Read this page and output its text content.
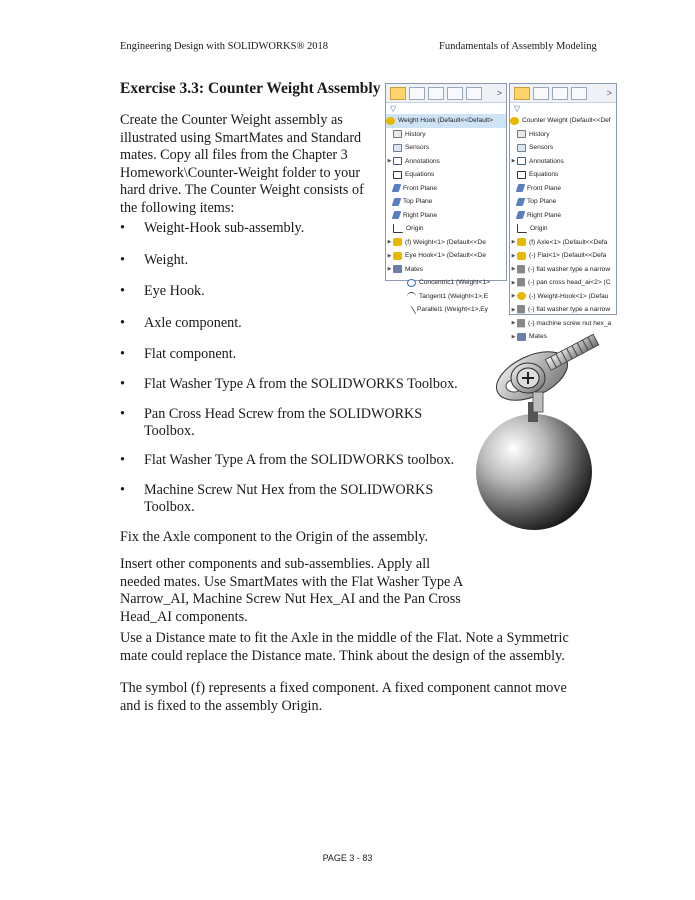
Engineering Design with SOLIDWORKS® 2018	Fundamentals of Assembly Modeling
Exercise 3.3: Counter Weight Assembly

Create the Counter Weight assembly as illustrated using SmartMates and Standard mates. Copy all files from the Chapter 3 Homework\Counter-Weight folder to your hard drive. The Counter Weight consists of the following items:

• Weight-Hook sub-assembly.
• Weight.
• Eye Hook.
• Axle component.
• Flat component.
• Flat Washer Type A from the SOLIDWORKS Toolbox.
• Pan Cross Head Screw from the SOLIDWORKS Toolbox.
• Flat Washer Type A from the SOLIDWORKS toolbox.
• Machine Screw Nut Hex from the SOLIDWORKS Toolbox.

Fix the Axle component to the Origin of the assembly.

Insert other components and sub-assemblies. Apply all needed mates. Use SmartMates with the Flat Washer Type A Narrow_AI, Machine Screw Nut Hex_AI and the Pan Cross Head_AI components.

Use a Distance mate to fit the Axle in the middle of the Flat. Note a Symmetric mate could replace the Distance mate. Think about the design of the assembly.

The symbol (f) represents a fixed component. A fixed component cannot move and is fixed to the assembly Origin.

>
▽
Weight Hook (Default<<Default>
History
Sensors
▶ Annotations
Equations
Front Plane
Top Plane
Right Plane
Origin
▶ (f) Weight<1> (Default<<De
▶ Eye Hook<1> (Default<<De
▶ Mates
Concentric1 (Weight<1>
Tangent1 (Weight<1>,E
Parallel1 (Weight<1>,Ey
>
▽
Counter Weight (Default<<Def
History
Sensors
▶ Annotations
Equations
Front Plane
Top Plane
Right Plane
Origin
▶ (f) Axle<1> (Default<<Defa
▶ (-) Flat<1> (Default<<Defa
▶ (-) flat washer type a narrow
▶ (-) pan cross head_ai<2> (C
▶ (-) Weight-Hook<1> (Defau
▶ (-) flat washer type a narrow
▶ (-) machine screw nut hex_a
▶ Mates
PAGE 3 - 83
